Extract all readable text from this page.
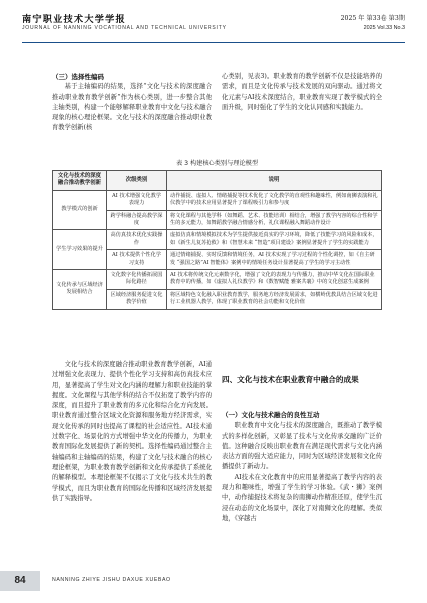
南宁职业技术大学学报
JOURNAL OF NANNING VOCATIONAL AND TECHNICAL UNIVERSITY
2025 年 第33卷 第3期
2025 Vol.33 No.3

（三）选择性编码

基于主轴编码的结果，选择“文化与技术的深度融合推动职业教育教学创新”作为核心类别，进一步整合其他主轴类别，构建一个能够解释职业教育中文化与技术融合现象的核心理论框架。文化与技术的深度融合推动职业教育教学创新(核

心类别，见表3)。职业教育的教学创新不仅是技能培养的需求，而且是文化传承与技术发展的双向驱动。通过将文化元素与AI技术深度结合，职业教育实现了教学模式的全面升级，同时强化了学生的文化认同感和实践能力。

表 3 构建核心类别与理论模型
文化与技术的深度融合推动教学创新	次级类别	说明
教学模式的创新	AI 技术增强文化教学表现力	动作捕捉、虚拟人、情绪捕捉等技术优化了文化教学的直观性和趣味性，例如南狮表演和礼仪教学中的技术应用显著提升了课程吸引力和参与度
	跨学科融合提高教学深度	将文化课程与其他学科（如舞蹈、艺术、技能培训）相结合，增强了教学内容的综合性和学生的多元能力，如舞蹈教学融合情感分析，礼仪课程融入舞蹈动作设计
学生学习效果的提升	高仿真技术优化实践操作	虚拟仿真和情境模拟技术为学生提供接近真实的学习环境，降低了技能学习的风险和成本，如《新生儿复苏抢救》和《智慧未来 “智造”项目建设》案例显著提升了学生的实践能力
	AI 技术提供个性化学习支持	通过情绪捕捉、实时反馈和情境任务，AI 技术实现了学习过程的个性化调控，如《自主研发 “强国之路”AI 智能体》案例中的情境任务设计显著提高了学生的学习主动性
文化传承与区域经济发展相结合	文化数字化传播拓展国际化路径	AI 技术将传统文化元素数字化，增强了文化的表现力与传播力，推动中华文化在国际职业教育中的传播，如《虚拟人礼仪教学》和《数智赋能 雅案共襄》中的文化创意生成案例
	区域经济服务促进文化教学价值	将区域特色文化融入职业教育教学，服务地方经济发展需求，如横岭优教具结合区域文化进行工业机器人教学，体现了职业教育的社会功能和文化价值

文化与技术的深度融合推动职业教育教学创新，AI通过增强文化表现力、提供个性化学习支持和高仿真技术应用，显著提高了学生对文化内涵的理解力和职业技能的掌握度。文化课程与其他学科的结合不仅拓宽了教学内容的深度，而且提升了职业教育的多元化和综合化方向发展。职业教育通过整合区域文化资源和服务地方经济需求，实现文化传承的同时也提高了课程的社会适应性。AI技术通过数字化、场景化的方式增强中华文化的传播力，为职业教育国际化发展提供了新的契机。选择性编码通过整合主轴编码和主轴编码的结果，构建了文化与技术融合的核心理论框架，为职业教育教学创新和文化传承提供了系统化的解释模型。本理论框架不仅揭示了文化与技术共生的教学模式，而且为职业教育的国际化传播和区域经济发展提供了实践指导。

四、文化与技术在职业教育中融合的成果

（一）文化与技术融合的良性互动

职业教育中文化与技术的深度融合，既推动了教学模式的多样化创新，又彰显了技术与文化传承交融的广泛价值。这种融合反映出职业教育在满足现代需求与文化内涵表达方面的强大适应能力，同时为区域经济发展和文化传播提供了新动力。

AI技术在文化教育中的应用显著提高了教学内容的表现力和趣味性，增强了学生的学习体验。《武・狮》案例中，动作捕捉技术将复杂的南狮动作精准还原，使学生沉浸在动态的文化场景中，深化了对南狮文化的理解。类似地，《穿越古

84	NANNING ZHIYE JISHU DAXUE XUEBAO
